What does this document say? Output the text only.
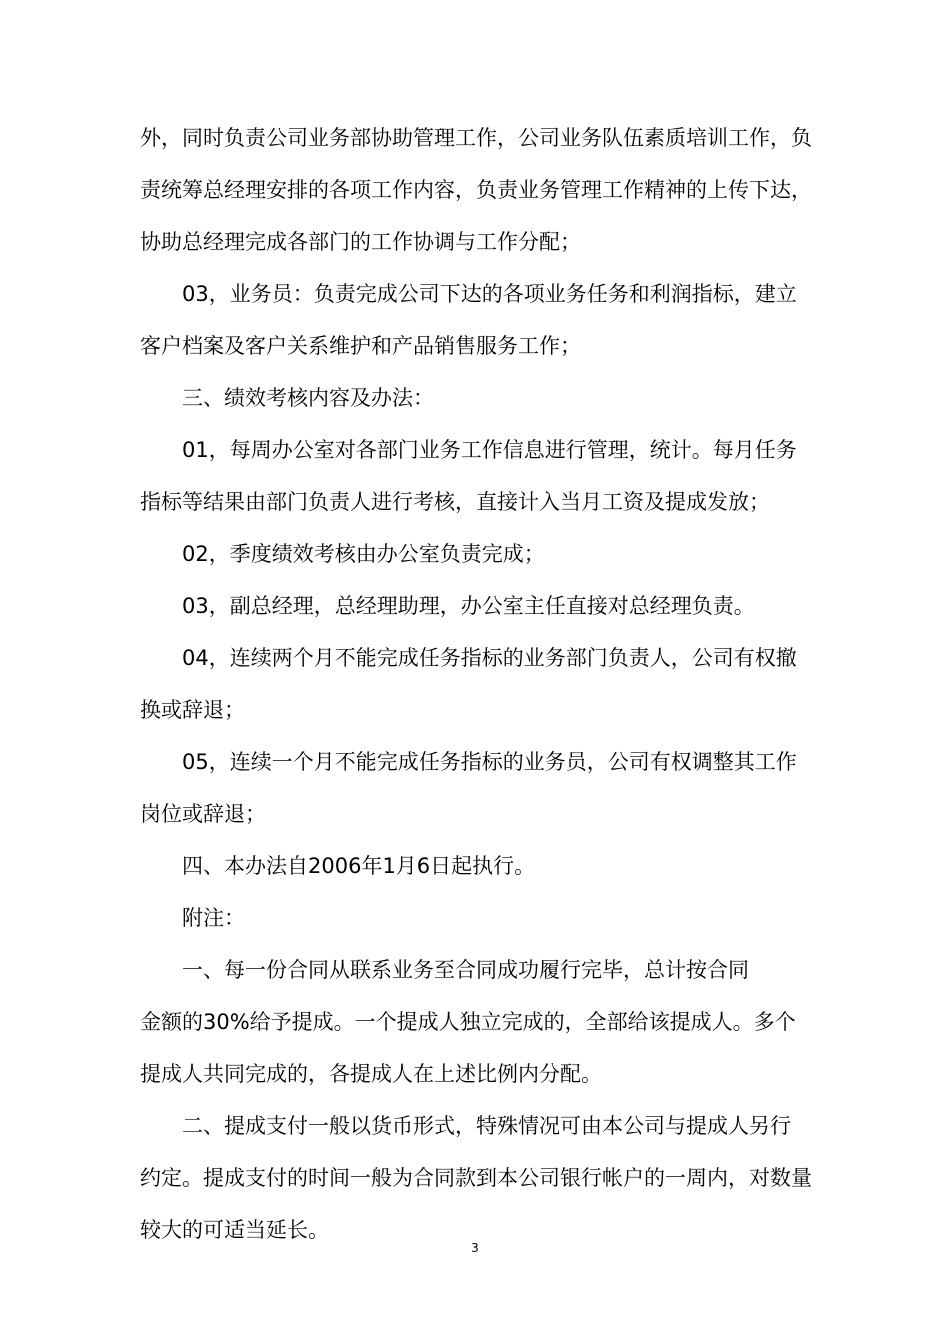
外，同时负责公司业务部协助管理工作，公司业务队伍素质培训工作，负
责统筹总经理安排的各项工作内容，负责业务管理工作精神的上传下达，
协助总经理完成各部门的工作协调与工作分配；
　　03，业务员：负责完成公司下达的各项业务任务和利润指标，建立
客户档案及客户关系维护和产品销售服务工作；
　　三、绩效考核内容及办法：
　　01，每周办公室对各部门业务工作信息进行管理，统计。每月任务
指标等结果由部门负责人进行考核，直接计入当月工资及提成发放；
　　02，季度绩效考核由办公室负责完成；
　　03，副总经理，总经理助理，办公室主任直接对总经理负责。
　　04，连续两个月不能完成任务指标的业务部门负责人，公司有权撤
换或辞退；
　　05，连续一个月不能完成任务指标的业务员，公司有权调整其工作
岗位或辞退；
　　四、本办法自2006年1月6日起执行。
　　附注：
　　一、每一份合同从联系业务至合同成功履行完毕，总计按合同
金额的30%给予提成。一个提成人独立完成的，全部给该提成人。多个
提成人共同完成的，各提成人在上述比例内分配。
　　二、提成支付一般以货币形式，特殊情况可由本公司与提成人另行
约定。提成支付的时间一般为合同款到本公司银行帐户的一周内，对数量
较大的可适当延长。
3
